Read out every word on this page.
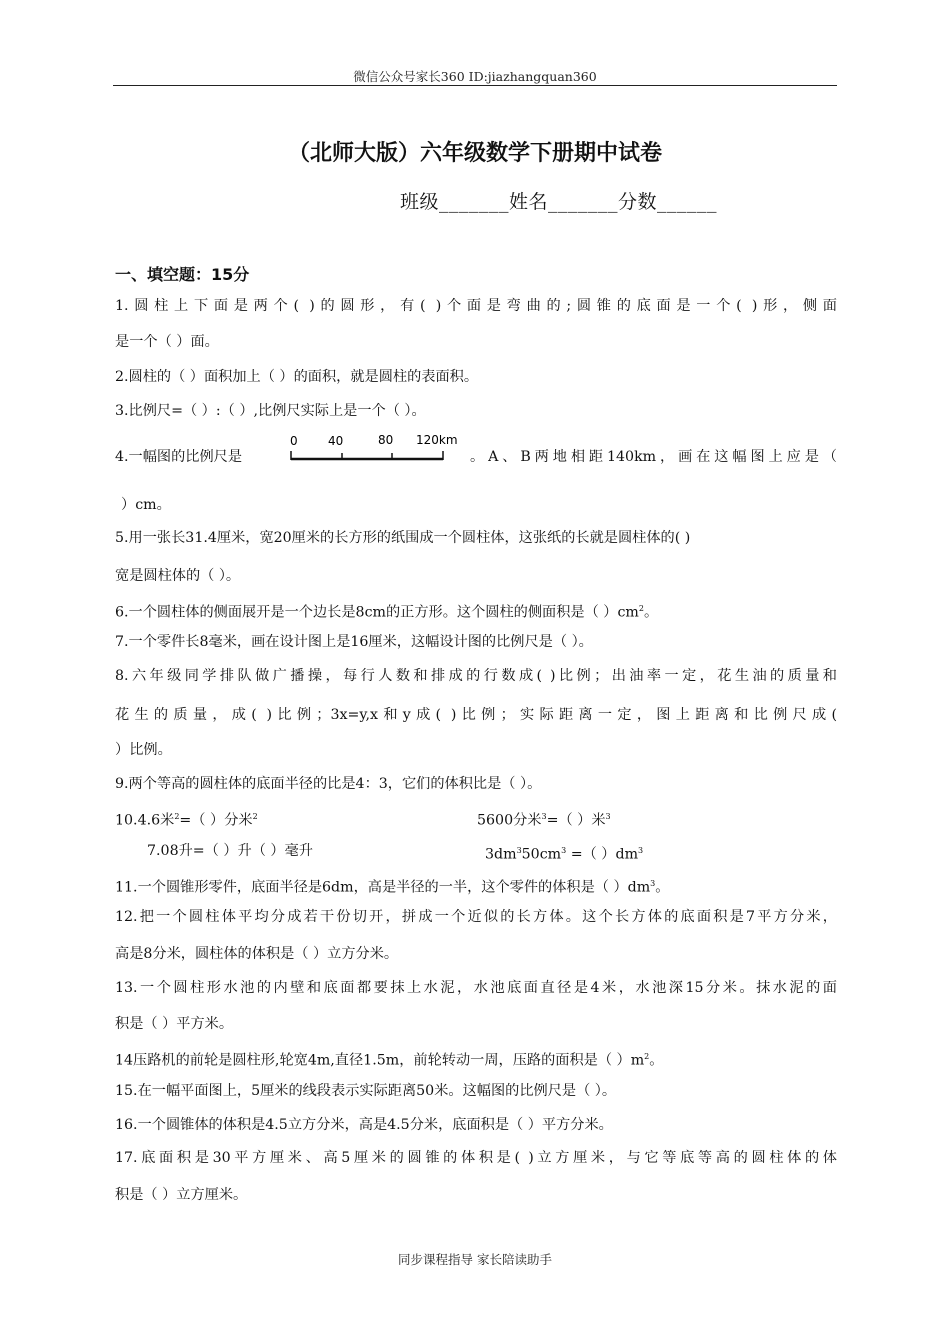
微信公众号家长360 ID:jiazhangquan360
（北师大版）六年级数学下册期中试卷
班级_______姓名_______分数______
一、填空题：15分
1.圆柱上下面是两个( )的圆形，有( )个面是弯曲的;圆锥的底面是一个( )形，侧面
是一个（ ）面。
2.圆柱的（ ）面积加上（ ）的面积，就是圆柱的表面积。
3.比例尺=（ ）:（ ）,比例尺实际上是一个（ ）。
4.一幅图的比例尺是
0	40	80 120km
。A、B两地相距140km，画在这幅图上应是（
）cm。
5.用一张长31.4厘米，宽20厘米的长方形的纸围成一个圆柱体，这张纸的长就是圆柱体的( )
宽是圆柱体的（ ）。
6.一个圆柱体的侧面展开是一个边长是8cm的正方形。这个圆柱的侧面积是（ ）$cm^2$。
7.一个零件长8毫米，画在设计图上是16厘米，这幅设计图的比例尺是（ ）。
8.六年级同学排队做广播操，每行人数和排成的行数成( )比例；出油率一定，花生油的质量和
花生的质量，成( )比例；3x=y,x和y成( )比例；实际距离一定，图上距离和比例尺成(
）比例。
9.两个等高的圆柱体的底面半径的比是4：3，它们的体积比是（ ）。
10.4.6米$^2$=（ ）分米$^2$	5600分米$^3$=（ ）米$^3$
7.08升=（ ）升（ ）毫升	$3dm^350cm^3$ =（ ）$dm^3$
11.一个圆锥形零件，底面半径是6dm，高是半径的一半，这个零件的体积是（ ）$dm^3$。
12.把一个圆柱体平均分成若干份切开，拼成一个近似的长方体。这个长方体的底面积是7平方分米，
高是8分米，圆柱体的体积是（ ）立方分米。
13.一个圆柱形水池的内壁和底面都要抹上水泥，水池底面直径是4米，水池深15分米。抹水泥的面
积是（ ）平方米。
14压路机的前轮是圆柱形,轮宽4m,直径1.5m，前轮转动一周，压路的面积是（ ）$m^2$。
15.在一幅平面图上，5厘米的线段表示实际距离50米。这幅图的比例尺是（ ）。
16.一个圆锥体的体积是4.5立方分米，高是4.5分米，底面积是（ ）平方分米。
17.底面积是30平方厘米、高5厘米的圆锥的体积是( )立方厘米，与它等底等高的圆柱体的体
积是（ ）立方厘米。
同步课程指导 家长陪读助手
